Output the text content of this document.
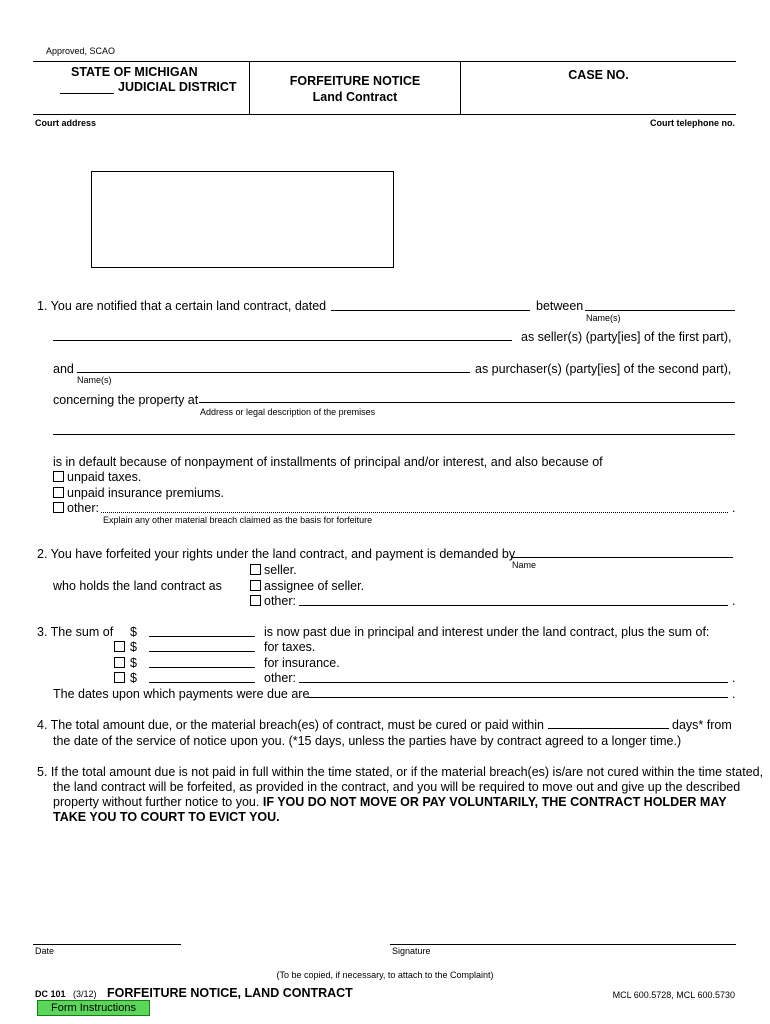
Approved, SCAO
STATE OF MICHIGAN
JUDICIAL DISTRICT	FORFEITURE NOTICE
Land Contract
CASE NO.
Court address	Court telephone no.
1. You are notified that a certain land contract, dated	between
Name(s)
as seller(s) (party[ies] of the first part),
and
Name(s)
as purchaser(s) (party[ies] of the second part),
concerning the property at
Address or legal description of the premises
is in default because of nonpayment of installments of principal and/or interest, and also because of
unpaid taxes.
unpaid insurance premiums.
other:	.
Explain any other material breach claimed as the basis for forfeiture
2. You have forfeited your rights under the land contract, and payment is demanded by
Name
seller.
who holds the land contract as	assignee of seller.
other:	.
3. The sum of $	is now past due in principal and interest under the land contract, plus the sum of:
$	for taxes.
$	for insurance.
$	other:	.
The dates upon which payments were due are	.
4. The total amount due, or the material breach(es) of contract, must be cured or paid within	days* from
the date of the service of notice upon you. (*15 days, unless the parties have by contract agreed to a longer time.)
5. If the total amount due is not paid in full within the time stated, or if the material breach(es) is/are not cured within the time stated,
the land contract will be forfeited, as provided in the contract, and you will be required to move out and give up the described
property without further notice to you. IF YOU DO NOT MOVE OR PAY VOLUNTARILY, THE CONTRACT HOLDER MAY
TAKE YOU TO COURT TO EVICT YOU.
Date	Signature
(To be copied, if necessary, to attach to the Complaint)
DC 101 (3/12) FORFEITURE NOTICE, LAND CONTRACT	MCL 600.5728, MCL 600.5730
Form Instructions
